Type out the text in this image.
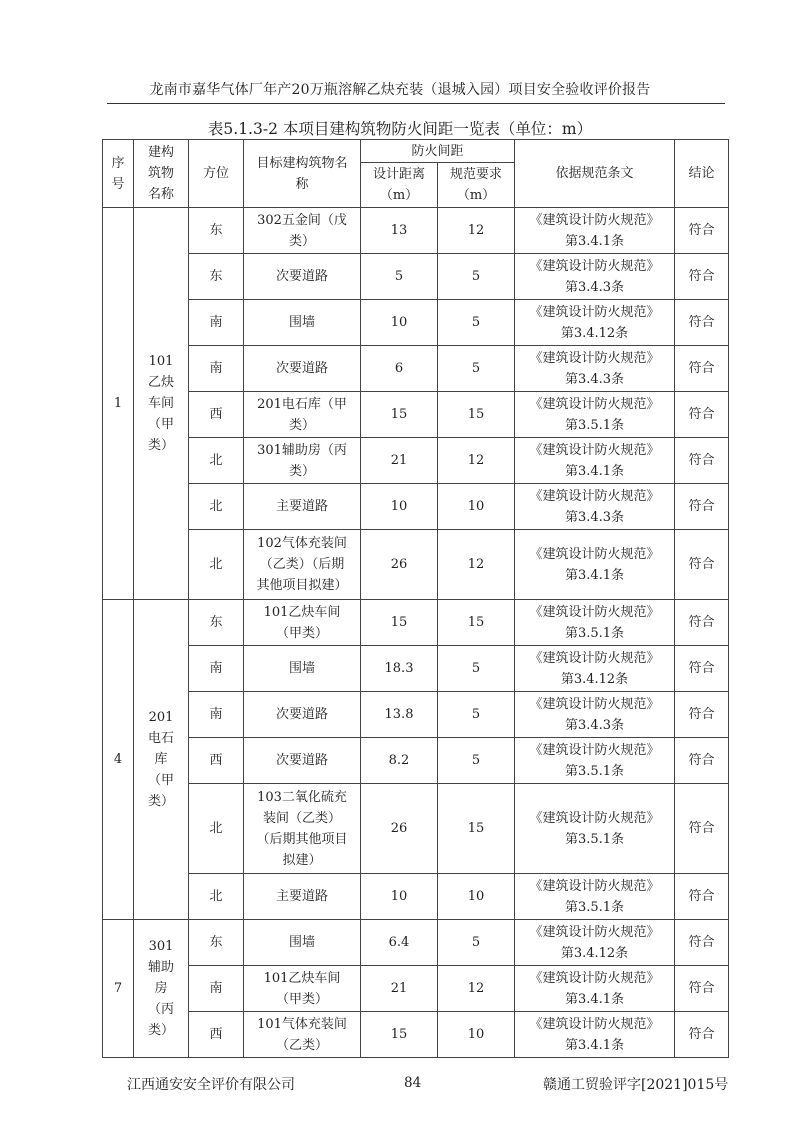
龙南市嘉华气体厂年产20万瓶溶解乙炔充装（退城入园）项目安全验收评价报告
表5.1.3-2 本项目建构筑物防火间距一览表（单位：m）
序号	建构筑物名称	方位	目标建构筑物名称	防火间距		依据规范条文	结论
				设计距离（m）	规范要求（m）		
1	101乙炔车间（甲类）	东	302五金间（戊类）	13	12	《建筑设计防火规范》第3.4.1条	符合
		东	次要道路	5	5	《建筑设计防火规范》第3.4.3条	符合
		南	围墙	10	5	《建筑设计防火规范》第3.4.12条	符合
		南	次要道路	6	5	《建筑设计防火规范》第3.4.3条	符合
		西	201电石库（甲类）	15	15	《建筑设计防火规范》第3.5.1条	符合
		北	301辅助房（丙类）	21	12	《建筑设计防火规范》第3.4.1条	符合
		北	主要道路	10	10	《建筑设计防火规范》第3.4.3条	符合
		北	102气体充装间（乙类）（后期其他项目拟建）	26	12	《建筑设计防火规范》第3.4.1条	符合
4	201电石库（甲类）	东	101乙炔车间（甲类）	15	15	《建筑设计防火规范》第3.5.1条	符合
		南	围墙	18.3	5	《建筑设计防火规范》第3.4.12条	符合
		南	次要道路	13.8	5	《建筑设计防火规范》第3.4.3条	符合
		西	次要道路	8.2	5	《建筑设计防火规范》第3.5.1条	符合
		北	103二氧化硫充装间（乙类）（后期其他项目拟建）	26	15	《建筑设计防火规范》第3.5.1条	符合
		北	主要道路	10	10	《建筑设计防火规范》第3.5.1条	符合
7	301辅助房（丙类）	东	围墙	6.4	5	《建筑设计防火规范》第3.4.12条	符合
		南	101乙炔车间（甲类）	21	12	《建筑设计防火规范》第3.4.1条	符合
		西	101气体充装间（乙类）	15	10	《建筑设计防火规范》第3.4.1条	符合
江西通安安全评价有限公司	84	赣通工贸验评字[2021]015号
